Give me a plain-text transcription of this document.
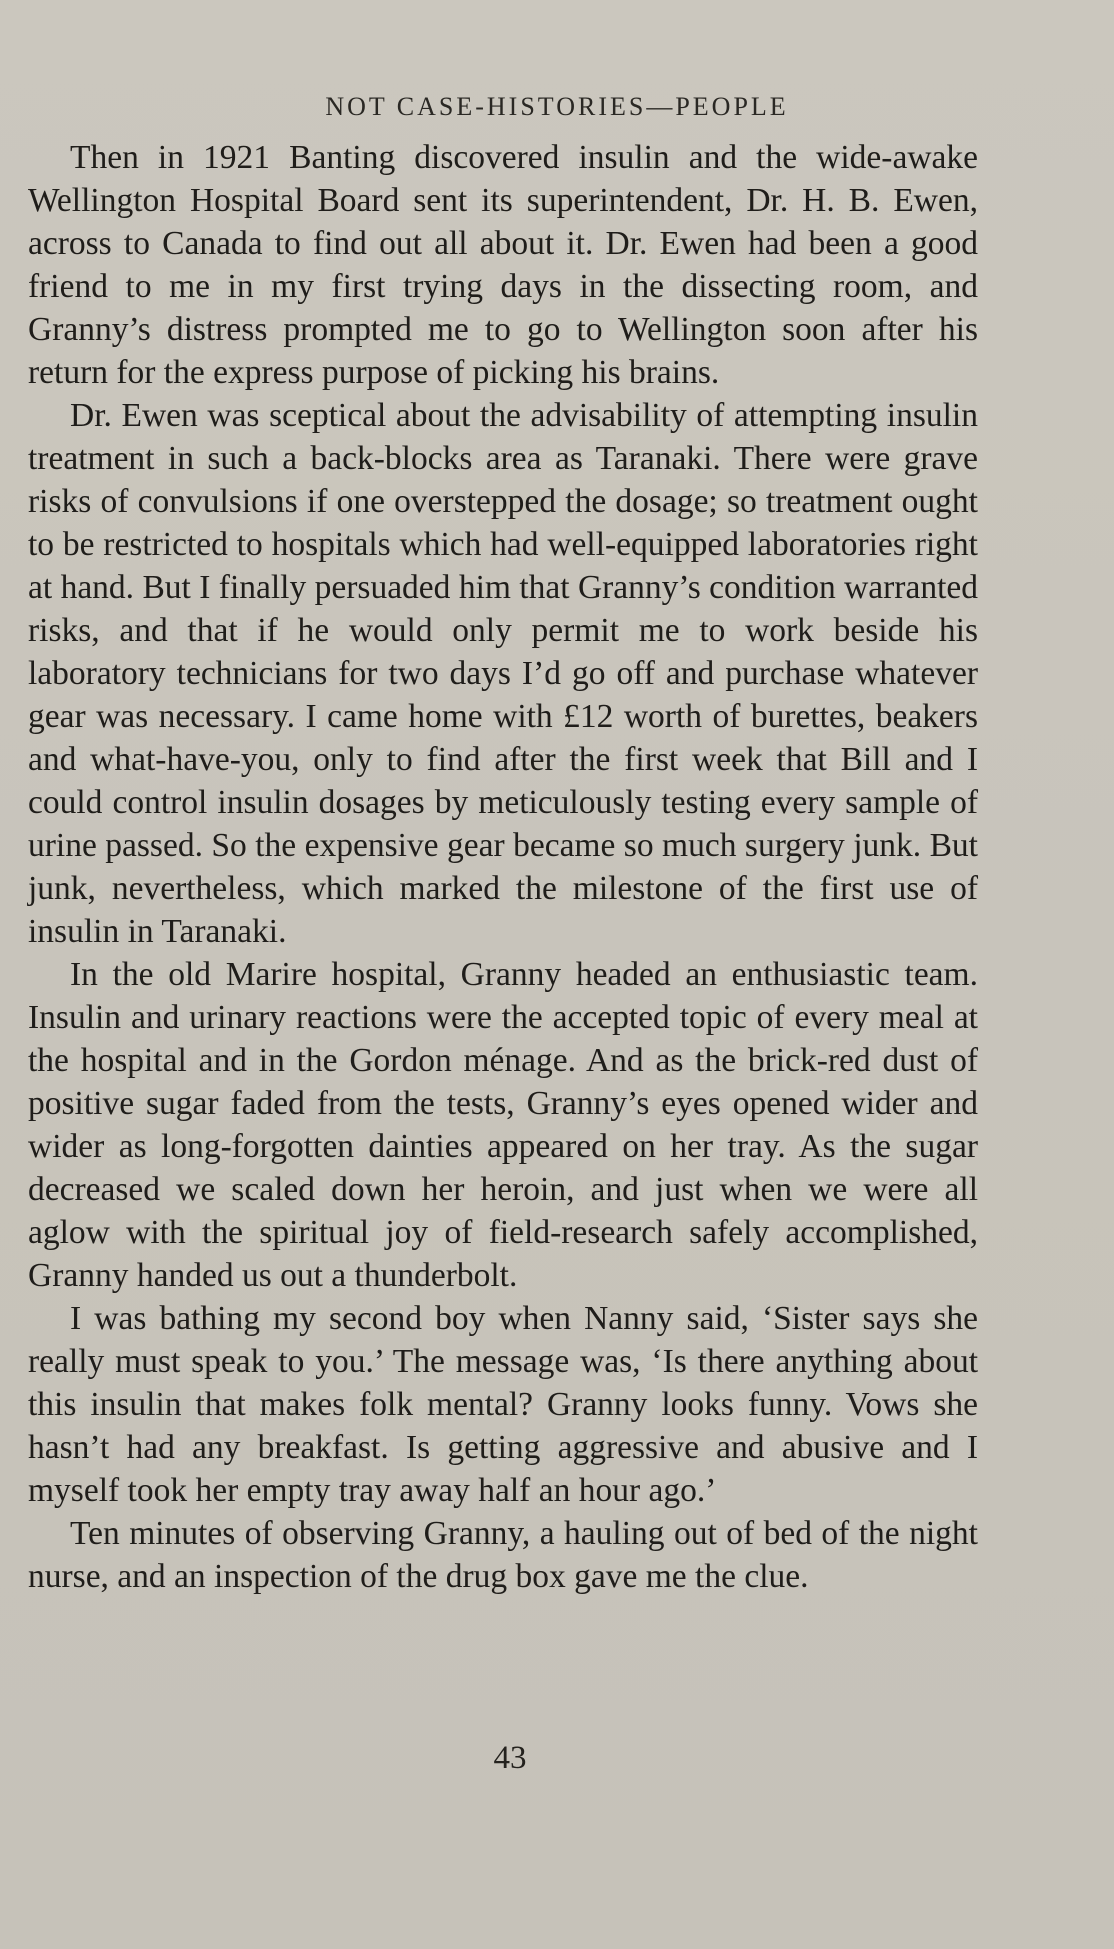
NOT CASE-HISTORIES—PEOPLE

Then in 1921 Banting discovered insulin and the wide-awake Wellington Hospital Board sent its superintendent, Dr. H. B. Ewen, across to Canada to find out all about it. Dr. Ewen had been a good friend to me in my first trying days in the dissecting room, and Granny’s distress prompted me to go to Wellington soon after his return for the express purpose of picking his brains.

Dr. Ewen was sceptical about the advisability of attempting insulin treatment in such a back-blocks area as Taranaki. There were grave risks of convulsions if one overstepped the dosage; so treatment ought to be restricted to hospitals which had well-equipped laboratories right at hand. But I finally persuaded him that Granny’s condition warranted risks, and that if he would only permit me to work beside his laboratory technicians for two days I’d go off and purchase whatever gear was necessary. I came home with £12 worth of burettes, beakers and what-have-you, only to find after the first week that Bill and I could control insulin dosages by meticulously testing every sample of urine passed. So the expensive gear became so much surgery junk. But junk, nevertheless, which marked the milestone of the first use of insulin in Taranaki.

In the old Marire hospital, Granny headed an enthusiastic team. Insulin and urinary reactions were the accepted topic of every meal at the hospital and in the Gordon ménage. And as the brick-red dust of positive sugar faded from the tests, Granny’s eyes opened wider and wider as long-forgotten dainties appeared on her tray. As the sugar decreased we scaled down her heroin, and just when we were all aglow with the spiritual joy of field-research safely accomplished, Granny handed us out a thunderbolt.

I was bathing my second boy when Nanny said, ‘Sister says she really must speak to you.’ The message was, ‘Is there anything about this insulin that makes folk mental? Granny looks funny. Vows she hasn’t had any breakfast. Is getting aggressive and abusive and I myself took her empty tray away half an hour ago.’

Ten minutes of observing Granny, a hauling out of bed of the night nurse, and an inspection of the drug box gave me the clue.

43
